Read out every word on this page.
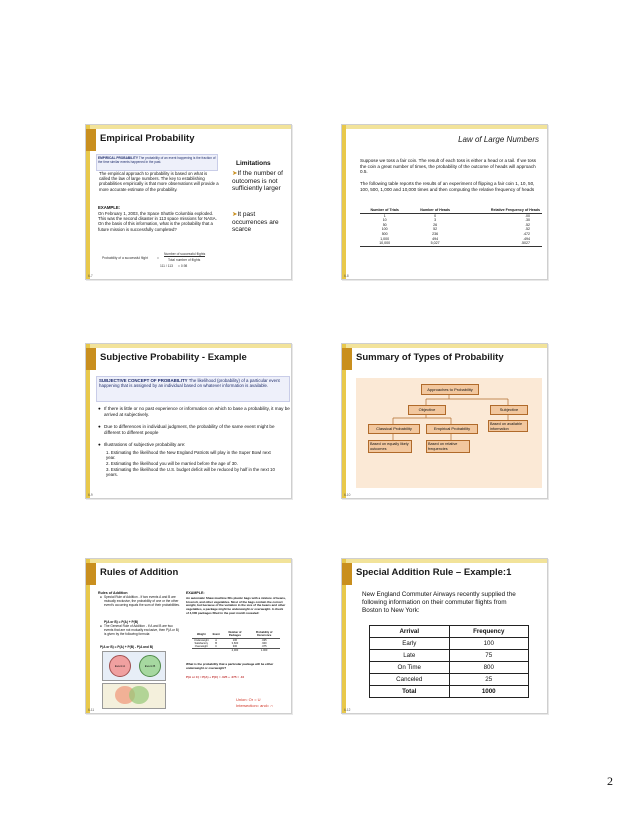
Empirical Probability
EMPIRICAL PROBABILITY The probability of an event happening is the fraction of the time similar events happened in the past.
The empirical approach to probability is based on what is called the law of large numbers. The key to establishing probabilities empirically is that more observations will provide a more accurate estimate of the probability.
EXAMPLE:
On February 1, 2003, the Space Shuttle Columbia exploded. This was the second disaster in 113 space missions for NASA. On the basis of this information, what is the probability that a future mission is successfully completed?
Probability of a successful flight	=
Number of successful flights
Total number of flights
111 / 113 = 0.98
Limitations
➤If the number of outcomes is not sufficiently larger
➤It past occurrences are scarce
6-7
Law of Large Numbers
Suppose we toss a fair coin. The result of each toss is either a head or a tail. If we toss the coin a great number of times, the probability of the outcome of heads will approach 0.5.
The following table reports the results of an experiment of flipping a fair coin 1, 10, 50, 100, 500, 1,000 and 10,000 times and then computing the relative frequency of heads
Number of Trials	Number of Heads	Relative Frequency of Heads
1	0	.00
10	3	.30
50	26	.52
100	52	.52
500	236	.472
1,000	494	.494
10,000	5,027	.5027
6-8
Subjective Probability - Example
SUBJECTIVE CONCEPT OF PROBABILITY The likelihood (probability) of a particular event happening that is assigned by an individual based on whatever information is available.
● If there is little or no past experience or information on which to base a probability, it may be arrived at subjectively.
● Due to differences in individual judgment, the probability of the same event might be different to different people
● Illustrations of subjective probability are:
1. Estimating the likelihood the New England Patriots will play in the Super Bowl next year.
2. Estimating the likelihood you will be married before the age of 30.
3. Estimating the likelihood the U.S. budget deficit will be reduced by half in the next 10 years.
6-9
Summary of Types of Probability
Approaches to Probability
Objective	Subjective
Classical Probability	Empirical Probability
Based on available information
Based on equally likely outcomes
Based on relative frequencies
6-10
Rules of Addition
Rules of Addition
● Special Rule of Addition - If two events A and B are mutually exclusive, the probability of one or the other event's occurring equals the sum of their probabilities.
P(A or B) = P(A) + P(B)
● The General Rule of Addition - If A and B are two events that are not mutually exclusive, then P(A or B) is given by the following formula:
P(A or B) = P(A) + P(B) - P(A and B)
Event A	Event B
EXAMPLE:
An automatic Shaw machine fills plastic bags with a mixture of beans, broccoli, and other vegetables. Most of the bags contain the correct weight, but because of the variation in the size of the beans and other vegetables, a package might be underweight or overweight. A check of 4,000 packages filled in the past month revealed:
Weight	Event	Number of Packages	Probability of Occurrence
Underweight	A	100	.025
Satisfactory	B	3,600	.900
Overweight	C	300	.075
		4,000	1.000
What is the probability that a particular package will be either underweight or overweight?
P(A or C) = P(A) + P(C) = .025 + .075 = .10
Union: Or = U
Intersection= and= ∩
6-11
Special Addition Rule – Example:1
New England Commuter Airways recently supplied the following information on their commuter flights from Boston to New York:
Arrival	Frequency
Early	100
Late	75
On Time	800
Canceled	25
Total	1000
6-12
2
